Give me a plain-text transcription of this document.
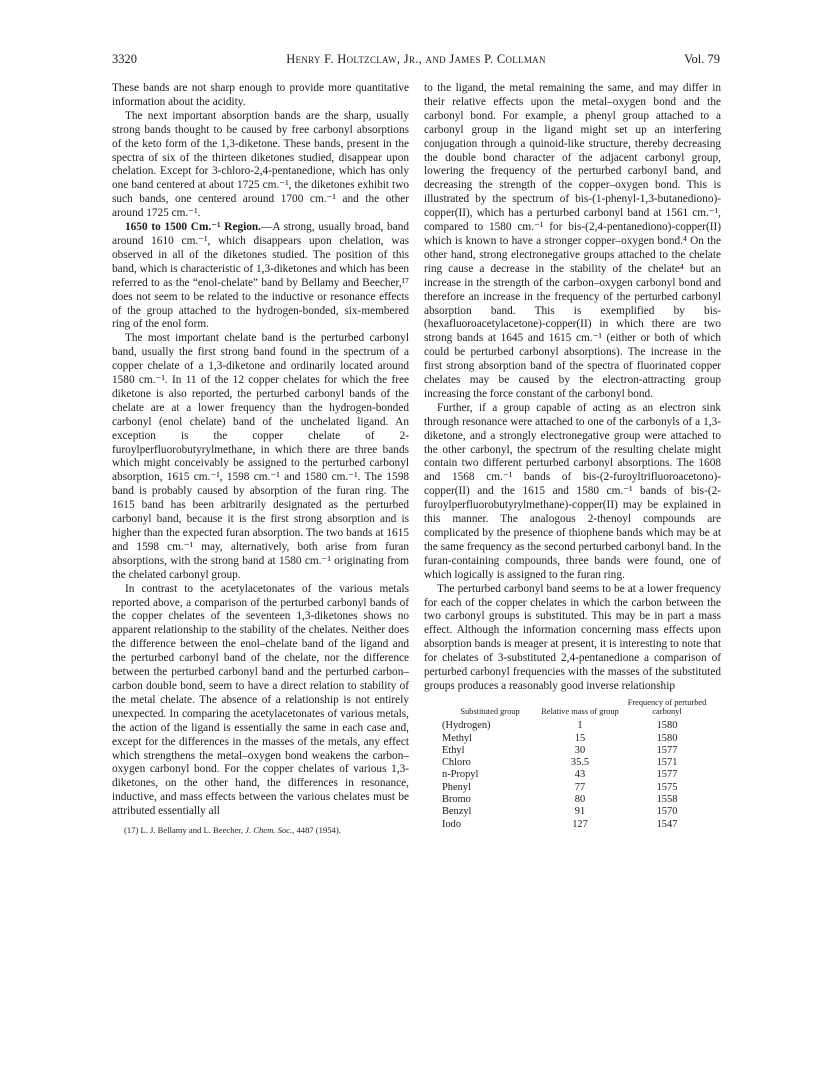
3320	Henry F. Holtzclaw, Jr., and James P. Collman	Vol. 79

These bands are not sharp enough to provide more quantitative information about the acidity.

The next important absorption bands are the sharp, usually strong bands thought to be caused by free carbonyl absorptions of the keto form of the 1,3-diketone. These bands, present in the spectra of six of the thirteen diketones studied, disappear upon chelation. Except for 3-chloro-2,4-pentanedione, which has only one band centered at about 1725 cm.⁻¹, the diketones exhibit two such bands, one centered around 1700 cm.⁻¹ and the other around 1725 cm.⁻¹.

1650 to 1500 Cm.⁻¹ Region.—A strong, usually broad, band around 1610 cm.⁻¹, which disappears upon chelation, was observed in all of the diketones studied. The position of this band, which is characteristic of 1,3-diketones and which has been referred to as the “enol-chelate” band by Bellamy and Beecher,¹⁷ does not seem to be related to the inductive or resonance effects of the group attached to the hydrogen-bonded, six-membered ring of the enol form.

The most important chelate band is the perturbed carbonyl band, usually the first strong band found in the spectrum of a copper chelate of a 1,3-diketone and ordinarily located around 1580 cm.⁻¹. In 11 of the 12 copper chelates for which the free diketone is also reported, the perturbed carbonyl bands of the chelate are at a lower frequency than the hydrogen-bonded carbonyl (enol chelate) band of the unchelated ligand. An exception is the copper chelate of 2-furoylperfluorobutyrylmethane, in which there are three bands which might conceivably be assigned to the perturbed carbonyl absorption, 1615 cm.⁻¹, 1598 cm.⁻¹ and 1580 cm.⁻¹. The 1598 band is probably caused by absorption of the furan ring. The 1615 band has been arbitrarily designated as the perturbed carbonyl band, because it is the first strong absorption and is higher than the expected furan absorption. The two bands at 1615 and 1598 cm.⁻¹ may, alternatively, both arise from furan absorptions, with the strong band at 1580 cm.⁻¹ originating from the chelated carbonyl group.

In contrast to the acetylacetonates of the various metals reported above, a comparison of the perturbed carbonyl bands of the copper chelates of the seventeen 1,3-diketones shows no apparent relationship to the stability of the chelates. Neither does the difference between the enol–chelate band of the ligand and the perturbed carbonyl band of the chelate, nor the difference between the perturbed carbonyl band and the perturbed carbon–carbon double bond, seem to have a direct relation to stability of the metal chelate. The absence of a relationship is not entirely unexpected. In comparing the acetylacetonates of various metals, the action of the ligand is essentially the same in each case and, except for the differences in the masses of the metals, any effect which strengthens the metal–oxygen bond weakens the carbon–oxygen carbonyl bond. For the copper chelates of various 1,3-diketones, on the other hand, the differences in resonance, inductive, and mass effects between the various chelates must be attributed essentially all

(17) L. J. Bellamy and L. Beecher, J. Chem. Soc., 4487 (1954).

to the ligand, the metal remaining the same, and may differ in their relative effects upon the metal–oxygen bond and the carbonyl bond. For example, a phenyl group attached to a carbonyl group in the ligand might set up an interfering conjugation through a quinoid-like structure, thereby decreasing the double bond character of the adjacent carbonyl group, lowering the frequency of the perturbed carbonyl band, and decreasing the strength of the copper–oxygen bond. This is illustrated by the spectrum of bis-(1-phenyl-1,3-butanediono)-copper(II), which has a perturbed carbonyl band at 1561 cm.⁻¹, compared to 1580 cm.⁻¹ for bis-(2,4-pentanediono)-copper(II) which is known to have a stronger copper–oxygen bond.⁴ On the other hand, strong electronegative groups attached to the chelate ring cause a decrease in the stability of the chelate⁴ but an increase in the strength of the carbon–oxygen carbonyl bond and therefore an increase in the frequency of the perturbed carbonyl absorption band. This is exemplified by bis-(hexafluoroacetylacetone)-copper(II) in which there are two strong bands at 1645 and 1615 cm.⁻¹ (either or both of which could be perturbed carbonyl absorptions). The increase in the first strong absorption band of the spectra of fluorinated copper chelates may be caused by the electron-attracting group increasing the force constant of the carbonyl bond.

Further, if a group capable of acting as an electron sink through resonance were attached to one of the carbonyls of a 1,3-diketone, and a strongly electronegative group were attached to the other carbonyl, the spectrum of the resulting chelate might contain two different perturbed carbonyl absorptions. The 1608 and 1568 cm.⁻¹ bands of bis-(2-furoyltrifluoroacetono)-copper(II) and the 1615 and 1580 cm.⁻¹ bands of bis-(2-furoylperfluorobutyrylmethane)-copper(II) may be explained in this manner. The analogous 2-thenoyl compounds are complicated by the presence of thiophene bands which may be at the same frequency as the second perturbed carbonyl band. In the furan-containing compounds, three bands were found, one of which logically is assigned to the furan ring.

The perturbed carbonyl band seems to be at a lower frequency for each of the copper chelates in which the carbon between the two carbonyl groups is substituted. This may be in part a mass effect. Although the information concerning mass effects upon absorption bands is meager at present, it is interesting to note that for chelates of 3-substituted 2,4-pentanedione a comparison of perturbed carbonyl frequencies with the masses of the substituted groups produces a reasonably good inverse relationship

Substituted group	Relative mass of group	Frequency of perturbed carbonyl
(Hydrogen)	1	1580
Methyl	15	1580
Ethyl	30	1577
Chloro	35.5	1571
n-Propyl	43	1577
Phenyl	77	1575
Bromo	80	1558
Benzyl	91	1570
Iodo	127	1547
